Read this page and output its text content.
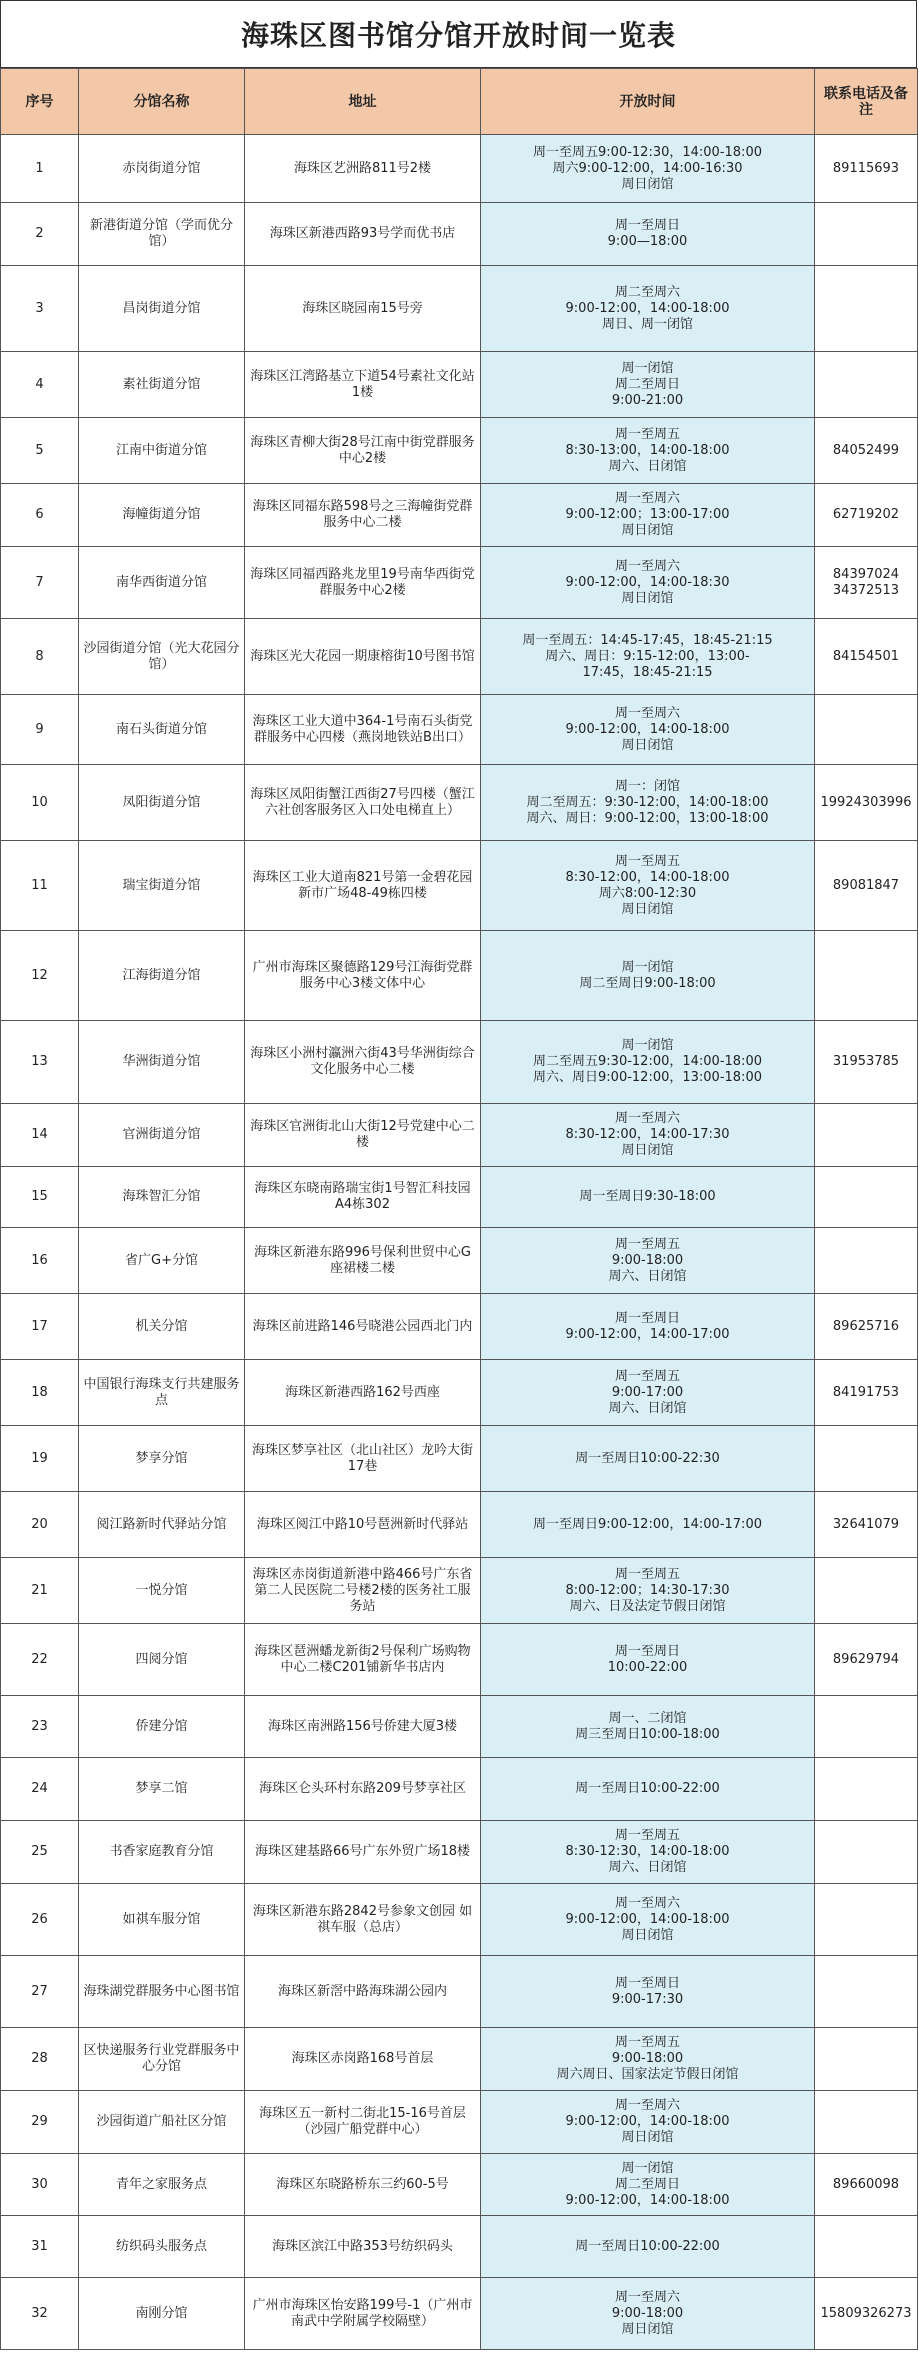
海珠区图书馆分馆开放时间一览表
序号	分馆名称	地址	开放时间	联系电话及备注
1	赤岗街道分馆	海珠区艺洲路811号2楼	周一至周五9:00-12:30，14:00-18:00
周六9:00-12:00，14:00-16:30
周日闭馆	89115693
2	新港街道分馆（学而优分馆）	海珠区新港西路93号学而优书店	周一至周日
9:00—18:00	

3	昌岗街道分馆	海珠区晓园南15号旁	周二至周六
9:00-12:00，14:00-18:00
周日、周一闭馆	

4	素社街道分馆	海珠区江湾路基立下道54号素社文化站1楼	周一闭馆
周二至周日
9:00-21:00	

5	江南中街道分馆	海珠区青柳大街28号江南中街党群服务中心2楼	周一至周五
8:30-13:00，14:00-18:00
周六、日闭馆	84052499
6	海幢街道分馆	海珠区同福东路598号之三海幢街党群服务中心二楼	周一至周六
9:00-12:00；13:00-17:00
周日闭馆	62719202
7	南华西街道分馆	海珠区同福西路兆龙里19号南华西街党群服务中心2楼	周一至周六
9:00-12:00，14:00-18:30
周日闭馆	84397024
34372513
8	沙园街道分馆（光大花园分馆）	海珠区光大花园一期康榕街10号图书馆	周一至周五：14:45-17:45，18:45-21:15
周六、周日：9:15-12:00，13:00-
17:45，18:45-21:15	84154501
9	南石头街道分馆	海珠区工业大道中364-1号南石头街党群服务中心四楼（燕岗地铁站B出口）	周一至周六
9:00-12:00，14:00-18:00
周日闭馆	

10	凤阳街道分馆	海珠区凤阳街蟹江西街27号四楼（蟹江六社创客服务区入口处电梯直上）	周一：闭馆
周二至周五：9:30-12:00，14:00-18:00
周六、周日：9:00-12:00，13:00-18:00	19924303996
11	瑞宝街道分馆	海珠区工业大道南821号第一金碧花园新市广场48-49栋四楼	周一至周五
8:30-12:00，14:00-18:00
周六8:00-12:30
周日闭馆	89081847
12	江海街道分馆	广州市海珠区聚德路129号江海街党群服务中心3楼文体中心	周一闭馆
周二至周日9:00-18:00	

13	华洲街道分馆	海珠区小洲村瀛洲六街43号华洲街综合文化服务中心二楼	周一闭馆
周二至周五9:30-12:00，14:00-18:00
周六、周日9:00-12:00，13:00-18:00	31953785
14	官洲街道分馆	海珠区官洲街北山大街12号党建中心二楼	周一至周六
8:30-12:00，14:00-17:30
周日闭馆	

15	海珠智汇分馆	海珠区东晓南路瑞宝街1号智汇科技园A4栋302	周一至周日9:30-18:00	

16	省广G+分馆	海珠区新港东路996号保利世贸中心G座裙楼二楼	周一至周五
9:00-18:00
周六、日闭馆	

17	机关分馆	海珠区前进路146号晓港公园西北门内	周一至周日
9:00-12:00，14:00-17:00	89625716
18	中国银行海珠支行共建服务点	海珠区新港西路162号西座	周一至周五
9:00-17:00
周六、日闭馆	84191753
19	梦享分馆	海珠区梦享社区（北山社区）龙吟大街17巷	周一至周日10:00-22:30	

20	阅江路新时代驿站分馆	海珠区阅江中路10号琶洲新时代驿站	周一至周日9:00-12:00，14:00-17:00	32641079
21	一悦分馆	海珠区赤岗街道新港中路466号广东省第二人民医院二号楼2楼的医务社工服务站	周一至周五
8:00-12:00；14:30-17:30
周六、日及法定节假日闭馆	

22	四阅分馆	海珠区琶洲蟠龙新街2号保利广场购物中心二楼C201铺新华书店内	周一至周日
10:00-22:00	89629794
23	侨建分馆	海珠区南洲路156号侨建大厦3楼	周一、二闭馆
周三至周日10:00-18:00	

24	梦享二馆	海珠区仑头环村东路209号梦享社区	周一至周日10:00-22:00	

25	书香家庭教育分馆	海珠区建基路66号广东外贸广场18楼	周一至周五
8:30-12:30，14:00-18:00
周六、日闭馆	

26	如祺车服分馆	海珠区新港东路2842号参象文创园 如祺车服（总店）	周一至周六
9:00-12:00，14:00-18:00
周日闭馆	

27	海珠湖党群服务中心图书馆	海珠区新滘中路海珠湖公园内	周一至周日
9:00-17:30	

28	区快递服务行业党群服务中心分馆	海珠区赤岗路168号首层	周一至周五
9:00-18:00
周六周日、国家法定节假日闭馆	

29	沙园街道广船社区分馆	海珠区五一新村二街北15-16号首层（沙园广船党群中心）	周一至周六
9:00-12:00，14:00-18:00
周日闭馆	

30	青年之家服务点	海珠区东晓路桥东三约60-5号	周一闭馆
周二至周日
9:00-12:00，14:00-18:00	89660098
31	纺织码头服务点	海珠区滨江中路353号纺织码头	周一至周日10:00-22:00	

32	南刚分馆	广州市海珠区怡安路199号-1（广州市南武中学附属学校隔壁）	周一至周六
9:00-18:00
周日闭馆	15809326273
